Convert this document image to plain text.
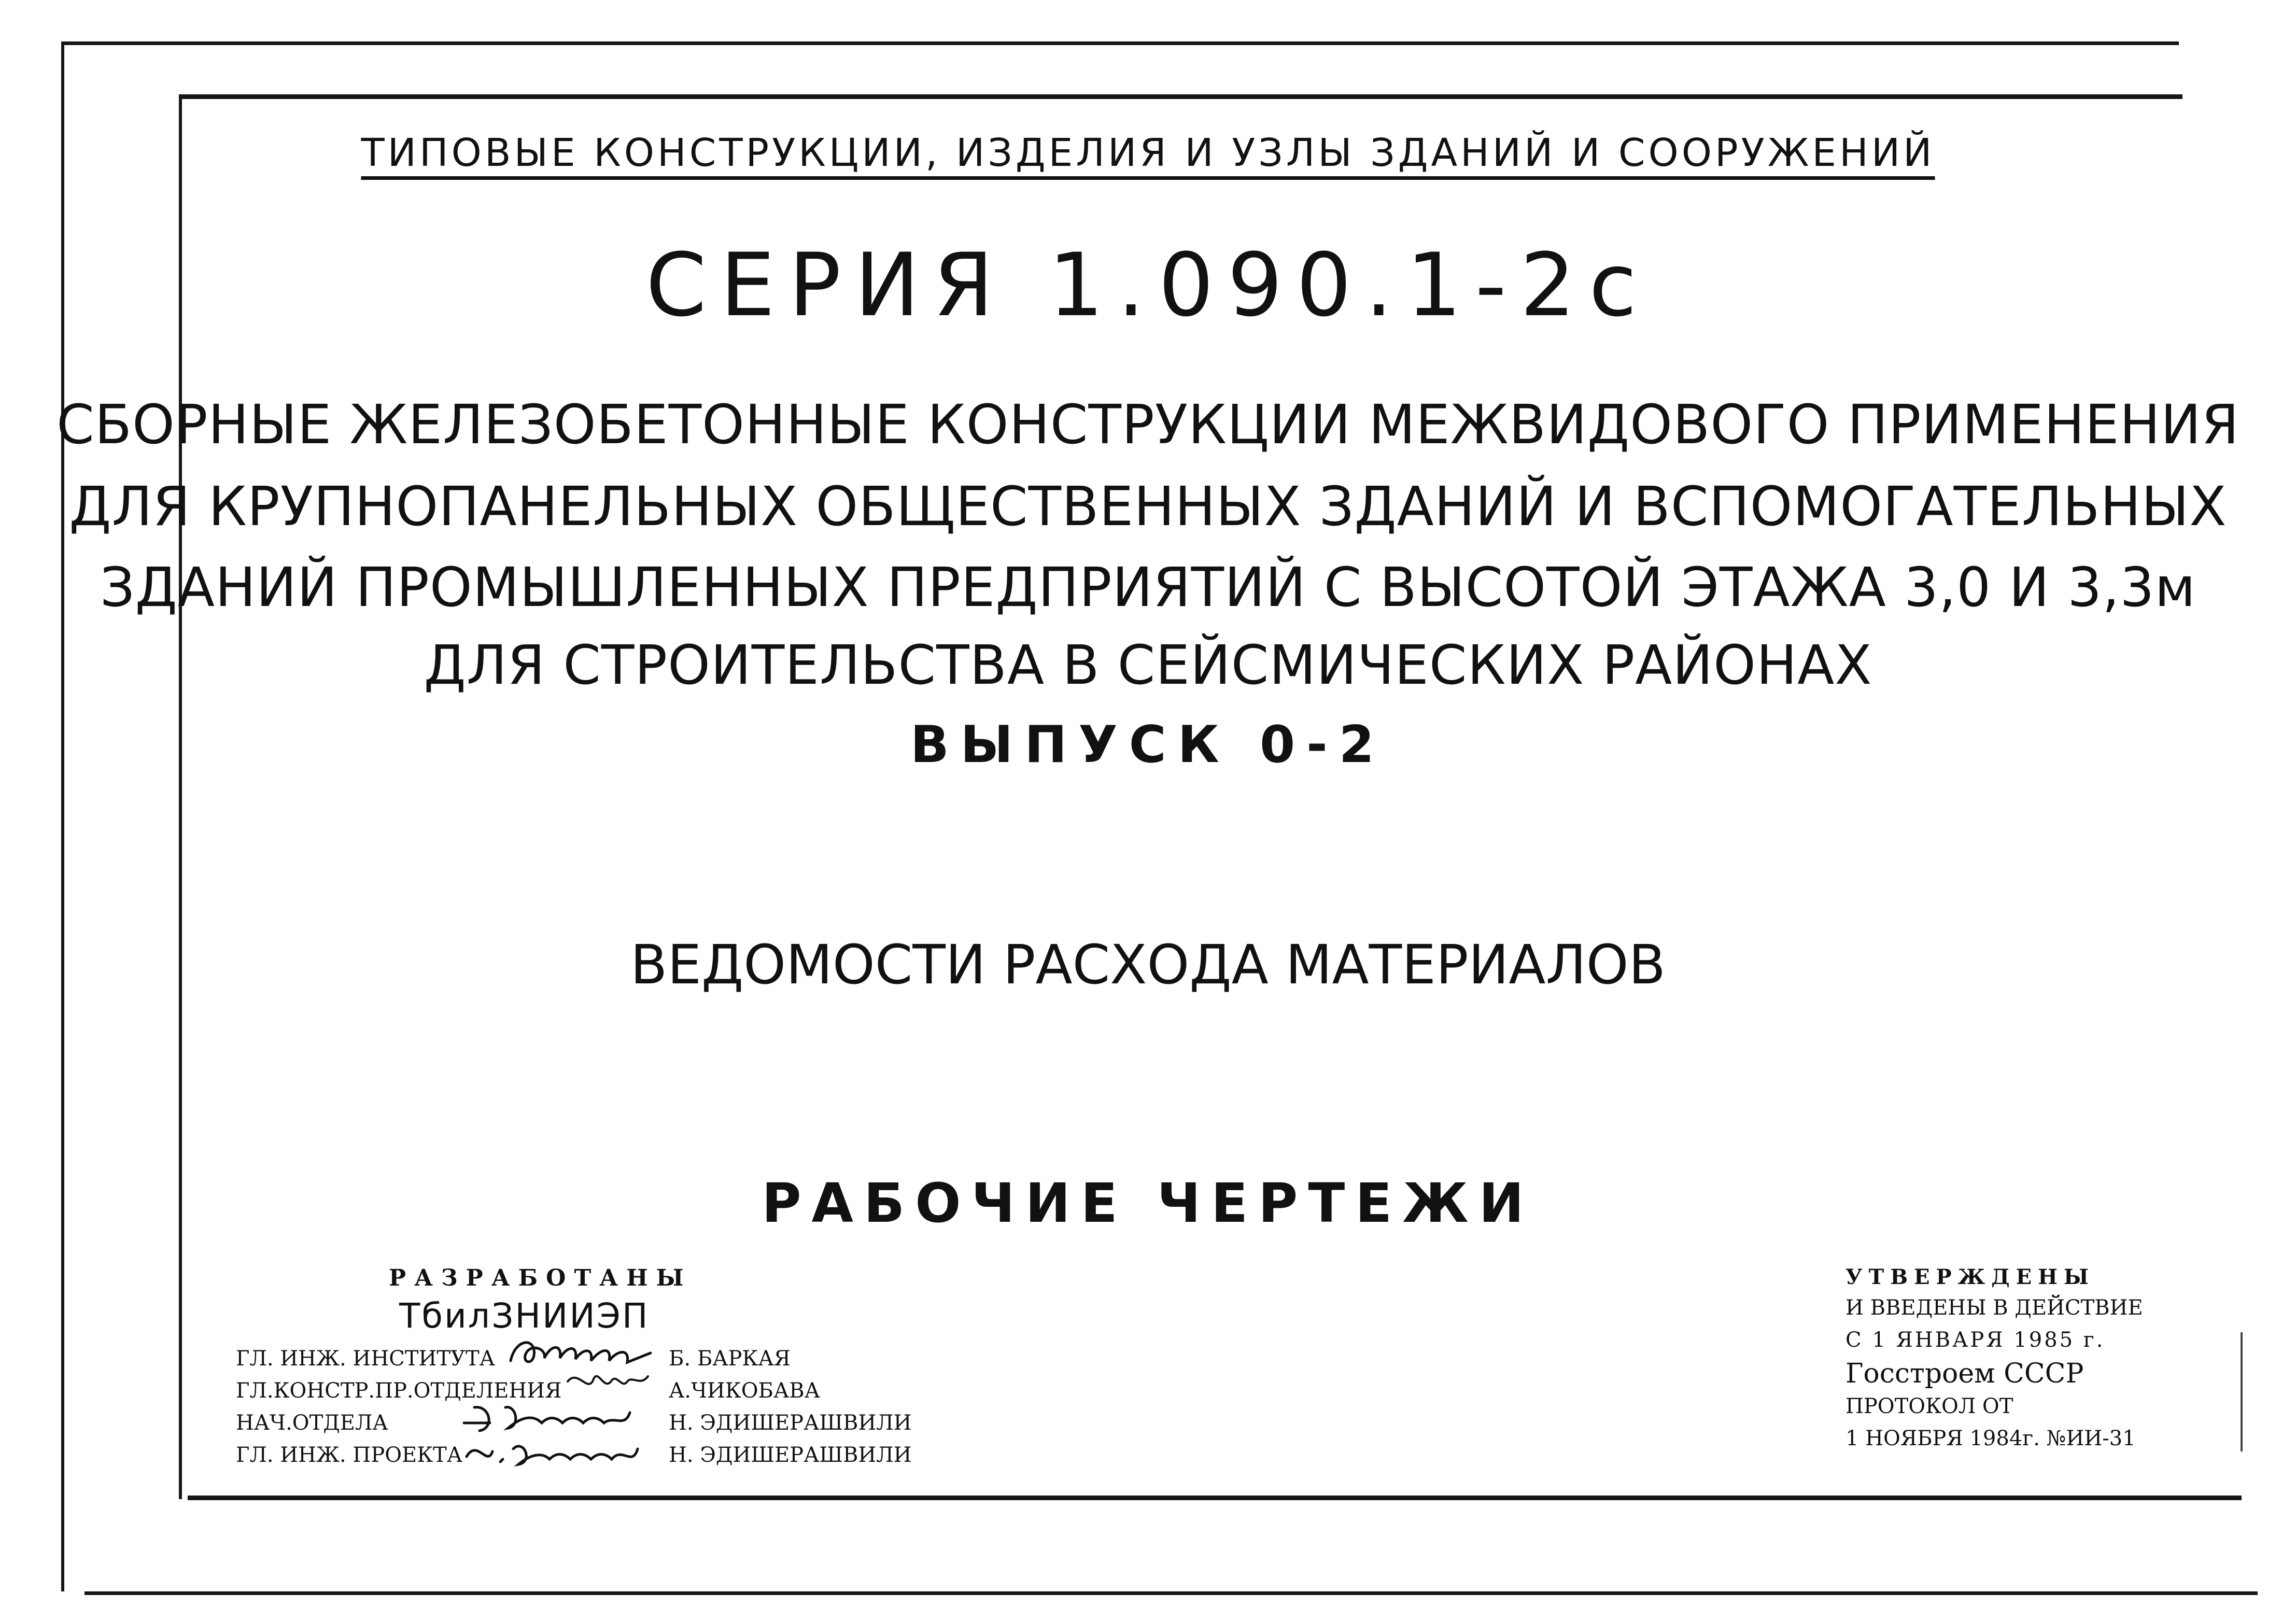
ТИПОВЫЕ КОНСТРУКЦИИ, ИЗДЕЛИЯ И УЗЛЫ ЗДАНИЙ И СООРУЖЕНИЙ
СЕРИЯ 1.090.1-2с
СБОРНЫЕ ЖЕЛЕЗОБЕТОННЫЕ КОНСТРУКЦИИ МЕЖВИДОВОГО ПРИМЕНЕНИЯ
ДЛЯ КРУПНОПАНЕЛЬНЫХ ОБЩЕСТВЕННЫХ ЗДАНИЙ И ВСПОМОГАТЕЛЬНЫХ
ЗДАНИЙ ПРОМЫШЛЕННЫХ ПРЕДПРИЯТИЙ С ВЫСОТОЙ ЭТАЖА 3,0 И 3,3м
ДЛЯ СТРОИТЕЛЬСТВА В СЕЙСМИЧЕСКИХ РАЙОНАХ
ВЫПУСК 0-2
ВЕДОМОСТИ РАСХОДА МАТЕРИАЛОВ
РАБОЧИЕ ЧЕРТЕЖИ
РАЗРАБОТАНЫ
ТбилЗНИИЭП
ГЛ. ИНЖ. ИНСТИТУТА	Б. БАРКАЯ
ГЛ.КОНСТР.ПР.ОТДЕЛЕНИЯ	А.ЧИКОБАВА
НАЧ.ОТДЕЛА	Н. ЭДИШЕРАШВИЛИ
ГЛ. ИНЖ. ПРОЕКТА	Н. ЭДИШЕРАШВИЛИ
УТВЕРЖДЕНЫ
И ВВЕДЕНЫ В ДЕЙСТВИЕ
С 1 ЯНВАРЯ 1985 г.
Госстроем СССР
ПРОТОКОЛ ОТ
1 НОЯБРЯ 1984г. №ИИ-31
